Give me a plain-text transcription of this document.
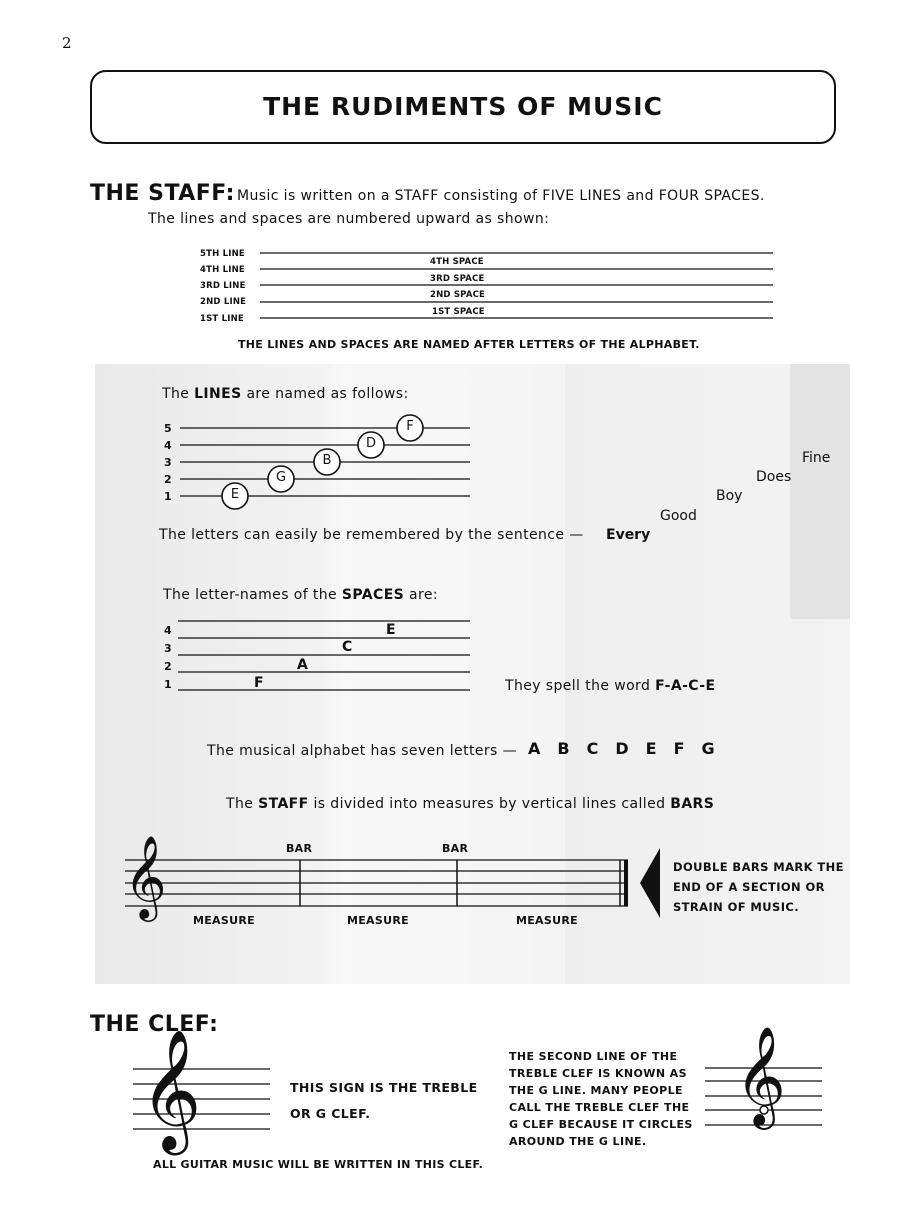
2
THE RUDIMENTS OF MUSIC
THE STAFF: Music is written on a STAFF consisting of FIVE LINES and FOUR SPACES.
The lines and spaces are numbered upward as shown:
5TH LINE
4TH LINE
3RD LINE
2ND LINE
1ST LINE
4TH SPACE
3RD SPACE
2ND SPACE
1ST SPACE
THE LINES AND SPACES ARE NAMED AFTER LETTERS OF THE ALPHABET.
The LINES are named as follows:
5
4
3
2
1	E
G
B
D
F
The letters can easily be remembered by the sentence — Every
Good
Boy
Does
Fine
The letter-names of the SPACES are:
4
3
2
1	F
A
C
E
They spell the word F-A-C-E
The musical alphabet has seven letters — A B C D E F G
The STAFF is divided into measures by vertical lines called BARS
𝄞	BAR	BAR
MEASURE	MEASURE	MEASURE
DOUBLE BARS MARK THE
END OF A SECTION OR
STRAIN OF MUSIC.
THE CLEF:
𝄞	THIS SIGN IS THE TREBLE
OR G CLEF.
ALL GUITAR MUSIC WILL BE WRITTEN IN THIS CLEF.
THE SECOND LINE OF THE
TREBLE CLEF IS KNOWN AS
THE G LINE. MANY PEOPLE
CALL THE TREBLE CLEF THE
G CLEF BECAUSE IT CIRCLES
AROUND THE G LINE.
𝄞
